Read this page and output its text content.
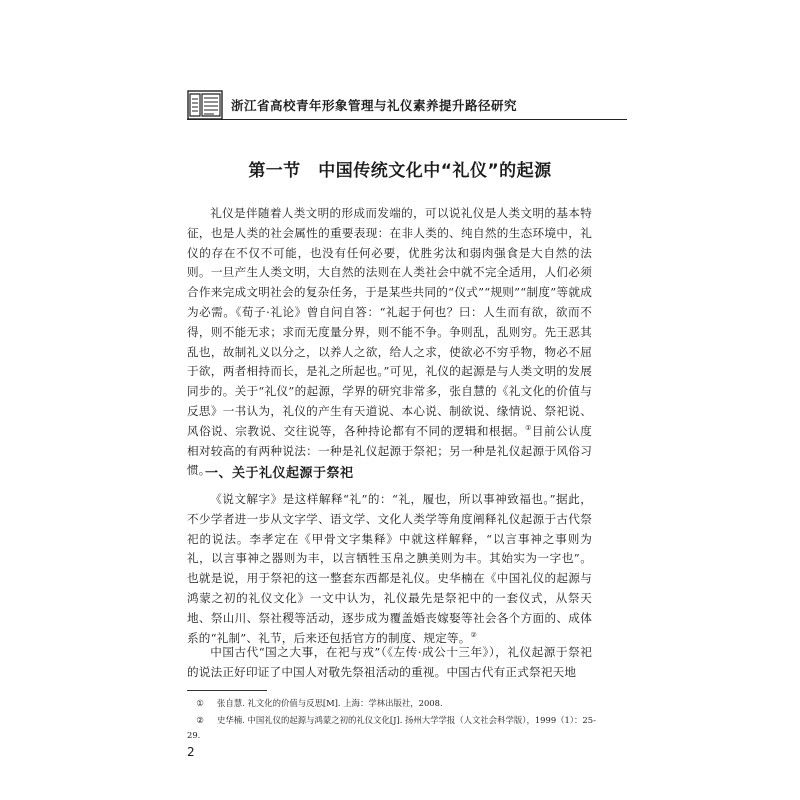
浙江省高校青年形象管理与礼仪素养提升路径研究
第一节　中国传统文化中“礼仪”的起源

礼仪是伴随着人类文明的形成而发端的，可以说礼仪是人类文明的基本特征，也是人类的社会属性的重要表现：在非人类的、纯自然的生态环境中，礼仪的存在不仅不可能，也没有任何必要，优胜劣汰和弱肉强食是大自然的法则。一旦产生人类文明，大自然的法则在人类社会中就不完全适用，人们必须合作来完成文明社会的复杂任务，于是某些共同的“仪式”“规则”“制度”等就成为必需。《荀子·礼论》曾自问自答：“礼起于何也？曰：人生而有欲，欲而不得，则不能无求；求而无度量分界，则不能不争。争则乱，乱则穷。先王恶其乱也，故制礼义以分之，以养人之欲，给人之求，使欲必不穷乎物，物必不屈于欲，两者相持而长，是礼之所起也。”可见，礼仪的起源是与人类文明的发展同步的。关于“礼仪”的起源，学界的研究非常多，张自慧的《礼文化的价值与反思》一书认为，礼仪的产生有天道说、本心说、制欲说、缘情说、祭祀说、风俗说、宗教说、交往说等，各种持论都有不同的逻辑和根据。①目前公认度相对较高的有两种说法：一种是礼仪起源于祭祀；另一种是礼仪起源于风俗习惯。

一、关于礼仪起源于祭祀

《说文解字》是这样解释“礼”的：“礼，履也，所以事神致福也。”据此，不少学者进一步从文字学、语文学、文化人类学等角度阐释礼仪起源于古代祭祀的说法。李孝定在《甲骨文字集释》中就这样解释，“以言事神之事则为礼，以言事神之器则为丰，以言牺牲玉帛之腆美则为丰。其始实为一字也”。也就是说，用于祭祀的这一整套东西都是礼仪。史华楠在《中国礼仪的起源与鸿蒙之初的礼仪文化》一文中认为，礼仪最先是祭祀中的一套仪式，从祭天地、祭山川、祭社稷等活动，逐步成为覆盖婚丧嫁娶等社会各个方面的、成体系的“礼制”、礼节，后来还包括官方的制度、规定等。②

中国古代“国之大事，在祀与戎”（《左传·成公十三年》），礼仪起源于祭祀的说法正好印证了中国人对敬先祭祖活动的重视。中国古代有正式祭祀天地

① 张自慧. 礼文化的价值与反思[M]. 上海：学林出版社，2008.

② 史华楠. 中国礼仪的起源与鸿蒙之初的礼仪文化[J]. 扬州大学学报（人文社会科学版），1999（1）：25-29.

2
